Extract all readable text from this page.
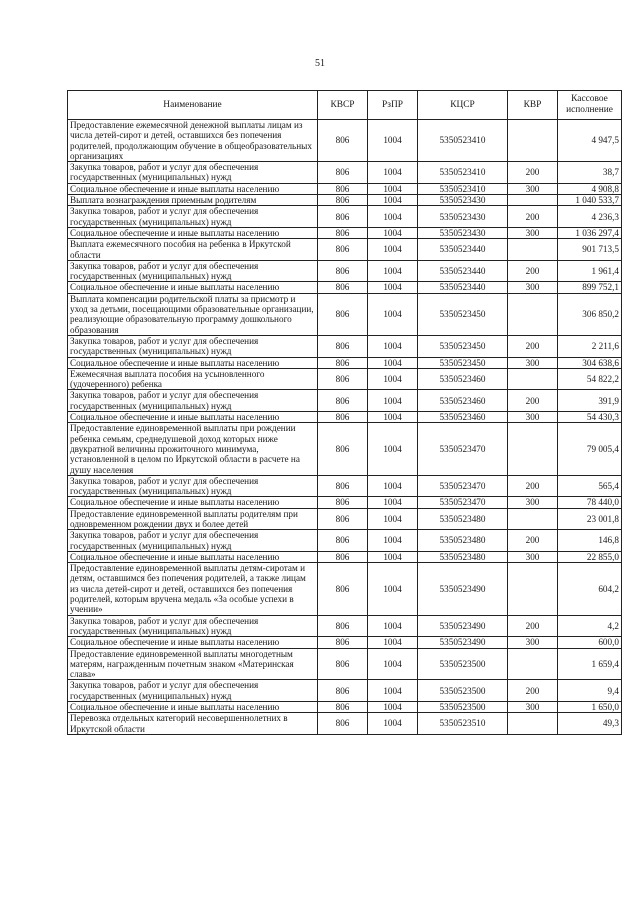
51
Наименование	КВСР	РзПР	КЦСР	КВР	Кассовое исполнение

Предоставление ежемесячной денежной выплаты лицам из числа детей-сирот и детей, оставшихся без попечения родителей, продолжающим обучение в общеобразовательных организациях	806	1004	5350523410		4 947,5
Закупка товаров, работ и услуг для обеспечения государственных (муниципальных) нужд	806	1004	5350523410	200	38,7
Социальное обеспечение и иные выплаты населению	806	1004	5350523410	300	4 908,8
Выплата вознаграждения приемным родителям	806	1004	5350523430		1 040 533,7
Закупка товаров, работ и услуг для обеспечения государственных (муниципальных) нужд	806	1004	5350523430	200	4 236,3
Социальное обеспечение и иные выплаты населению	806	1004	5350523430	300	1 036 297,4
Выплата ежемесячного пособия на ребенка в Иркутской области	806	1004	5350523440		901 713,5
Закупка товаров, работ и услуг для обеспечения государственных (муниципальных) нужд	806	1004	5350523440	200	1 961,4
Социальное обеспечение и иные выплаты населению	806	1004	5350523440	300	899 752,1
Выплата компенсации родительской платы за присмотр и уход за детьми, посещающими образовательные организации, реализующие образовательную программу дошкольного образования	806	1004	5350523450		306 850,2
Закупка товаров, работ и услуг для обеспечения государственных (муниципальных) нужд	806	1004	5350523450	200	2 211,6
Социальное обеспечение и иные выплаты населению	806	1004	5350523450	300	304 638,6
Ежемесячная выплата пособия на усыновленного (удочеренного) ребенка	806	1004	5350523460		54 822,2
Закупка товаров, работ и услуг для обеспечения государственных (муниципальных) нужд	806	1004	5350523460	200	391,9
Социальное обеспечение и иные выплаты населению	806	1004	5350523460	300	54 430,3
Предоставление единовременной выплаты при рождении ребенка семьям, среднедушевой доход которых ниже двукратной величины прожиточного минимума, установленной в целом по Иркутской области в расчете на душу населения	806	1004	5350523470		79 005,4
Закупка товаров, работ и услуг для обеспечения государственных (муниципальных) нужд	806	1004	5350523470	200	565,4
Социальное обеспечение и иные выплаты населению	806	1004	5350523470	300	78 440,0
Предоставление единовременной выплаты родителям при одновременном рождении двух и более детей	806	1004	5350523480		23 001,8
Закупка товаров, работ и услуг для обеспечения государственных (муниципальных) нужд	806	1004	5350523480	200	146,8
Социальное обеспечение и иные выплаты населению	806	1004	5350523480	300	22 855,0
Предоставление единовременной выплаты детям-сиротам и детям, оставшимся без попечения родителей, а также лицам из числа детей-сирот и детей, оставшихся без попечения родителей, которым вручена медаль «За особые успехи в учении»	806	1004	5350523490		604,2
Закупка товаров, работ и услуг для обеспечения государственных (муниципальных) нужд	806	1004	5350523490	200	4,2
Социальное обеспечение и иные выплаты населению	806	1004	5350523490	300	600,0
Предоставление единовременной выплаты многодетным матерям, награжденным почетным знаком «Материнская слава»	806	1004	5350523500		1 659,4
Закупка товаров, работ и услуг для обеспечения государственных (муниципальных) нужд	806	1004	5350523500	200	9,4
Социальное обеспечение и иные выплаты населению	806	1004	5350523500	300	1 650,0
Перевозка отдельных категорий несовершеннолетних в Иркутской области	806	1004	5350523510		49,3
